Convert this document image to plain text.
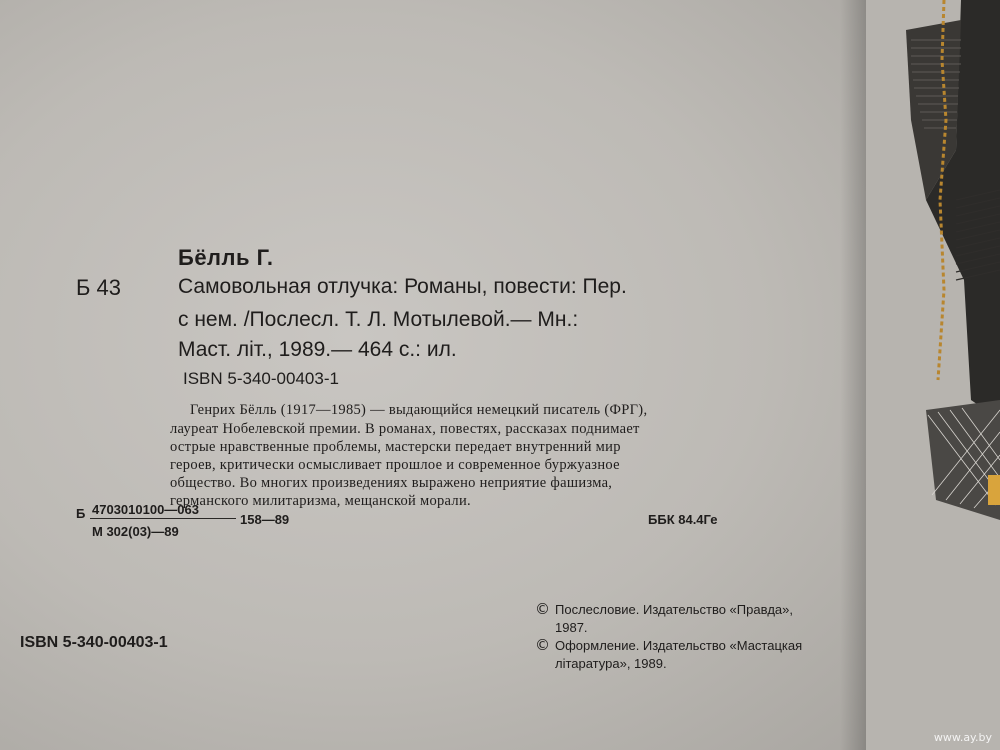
Бёлль Г.
Б 43	Самовольная отлучка: Романы, повести: Пер.
с нем. /Послесл. Т. Л. Мотылевой.— Мн.:
Маст. літ., 1989.— 464 с.: ил.
ISBN 5-340-00403-1
Генрих Бёлль (1917—1985) — выдающийся немецкий писатель (ФРГ),
лауреат Нобелевской премии. В романах, повестях, рассказах поднимает
острые нравственные проблемы, мастерски передает внутренний мир
героев, критически осмысливает прошлое и современное буржуазное
общество. Во многих произведениях выражено неприятие фашизма,
германского милитаризма, мещанской морали.
Б 4703010100—063
158—89
М 302(03)—89
ББК 84.4Ге
© Послесловие. Издательство «Правда»,
1987.
© Оформление. Издательство «Мастацкая
літаратура», 1989.
ISBN 5-340-00403-1
www.ay.by
